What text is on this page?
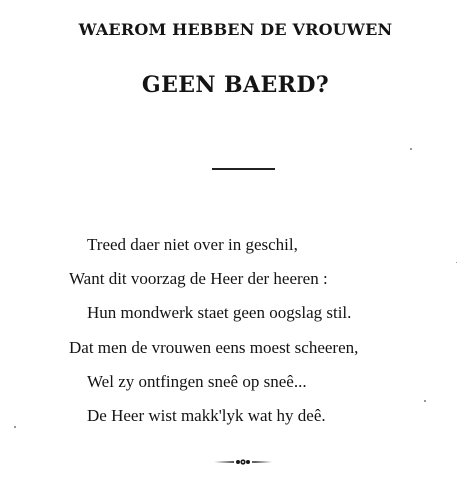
WAEROM HEBBEN DE VROUWEN
GEEN BAERD?
Treed daer niet over in geschil,
Want dit voorzag de Heer der heeren :
Hun mondwerk staet geen oogslag stil.
Dat men de vrouwen eens moest scheeren,
Wel zy ontfingen sneê op sneê...
De Heer wist makk'lyk wat hy deê.
